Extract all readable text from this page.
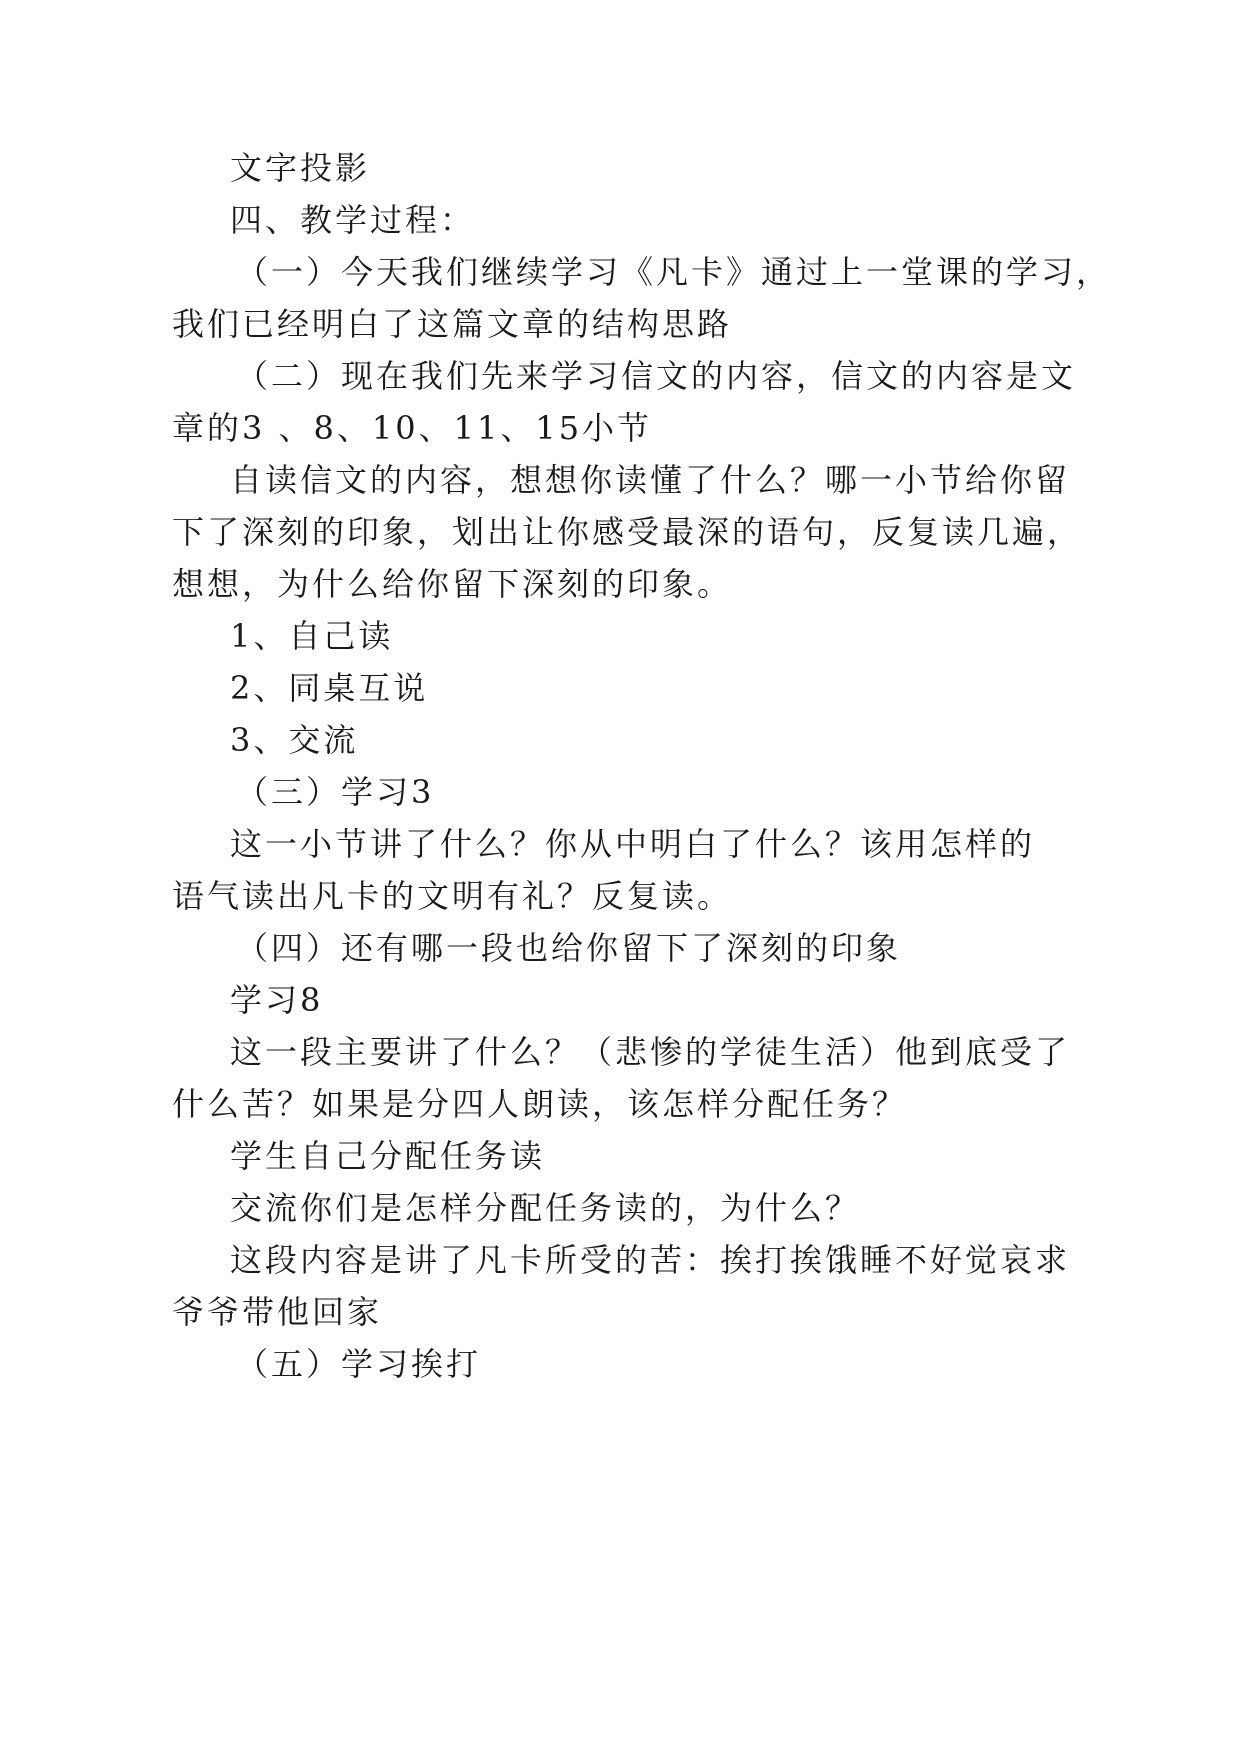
文字投影
四、教学过程：
（一）今天我们继续学习《凡卡》通过上一堂课的学习，
我们已经明白了这篇文章的结构思路
（二）现在我们先来学习信文的内容，信文的内容是文
章的3 、8、10、11、15小节
自读信文的内容，想想你读懂了什么？哪一小节给你留
下了深刻的印象，划出让你感受最深的语句，反复读几遍，
想想，为什么给你留下深刻的印象。
1、自己读
2、同桌互说
3、交流
（三）学习3
这一小节讲了什么？你从中明白了什么？该用怎样的
语气读出凡卡的文明有礼？反复读。
（四）还有哪一段也给你留下了深刻的印象
学习8
这一段主要讲了什么？（悲惨的学徒生活）他到底受了
什么苦？如果是分四人朗读，该怎样分配任务？
学生自己分配任务读
交流你们是怎样分配任务读的，为什么？
这段内容是讲了凡卡所受的苦：挨打挨饿睡不好觉哀求
爷爷带他回家
（五）学习挨打
